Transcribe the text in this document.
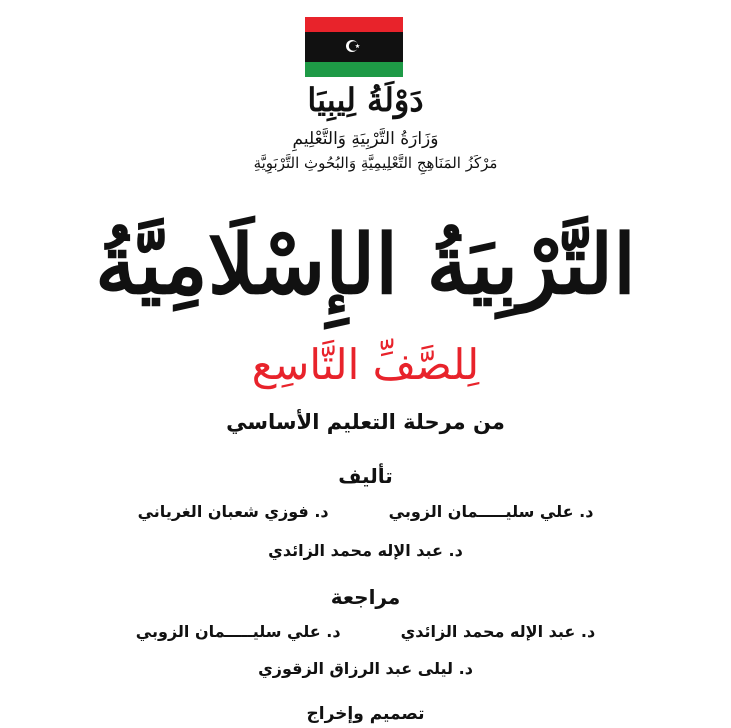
دَوْلَةُ لِيبِيَا
وَزَارَةُ التَّرْبِيَةِ وَالتَّعْلِيمِ
مَرْكَزُ المَنَاهِجِ التَّعْلِيمِيَّةِ وَالبُحُوثِ التَّرْبَوِيَّةِ
التَّرْبِيَةُ الإِسْلَامِيَّةُ
لِلصَّفِّ التَّاسِع
من مرحلة التعليم الأساسي
تأليف
د. علي سليـــــمان الزوبي
د. فوزي شعبان الغرياني
د. عبد الإله محمد الزائدي
مراجعة
د. عبد الإله محمد الزائدي
د. علي سليـــــمان الزوبي
د. ليلى عبد الرزاق الزقوزي
تصميم وإخراج
